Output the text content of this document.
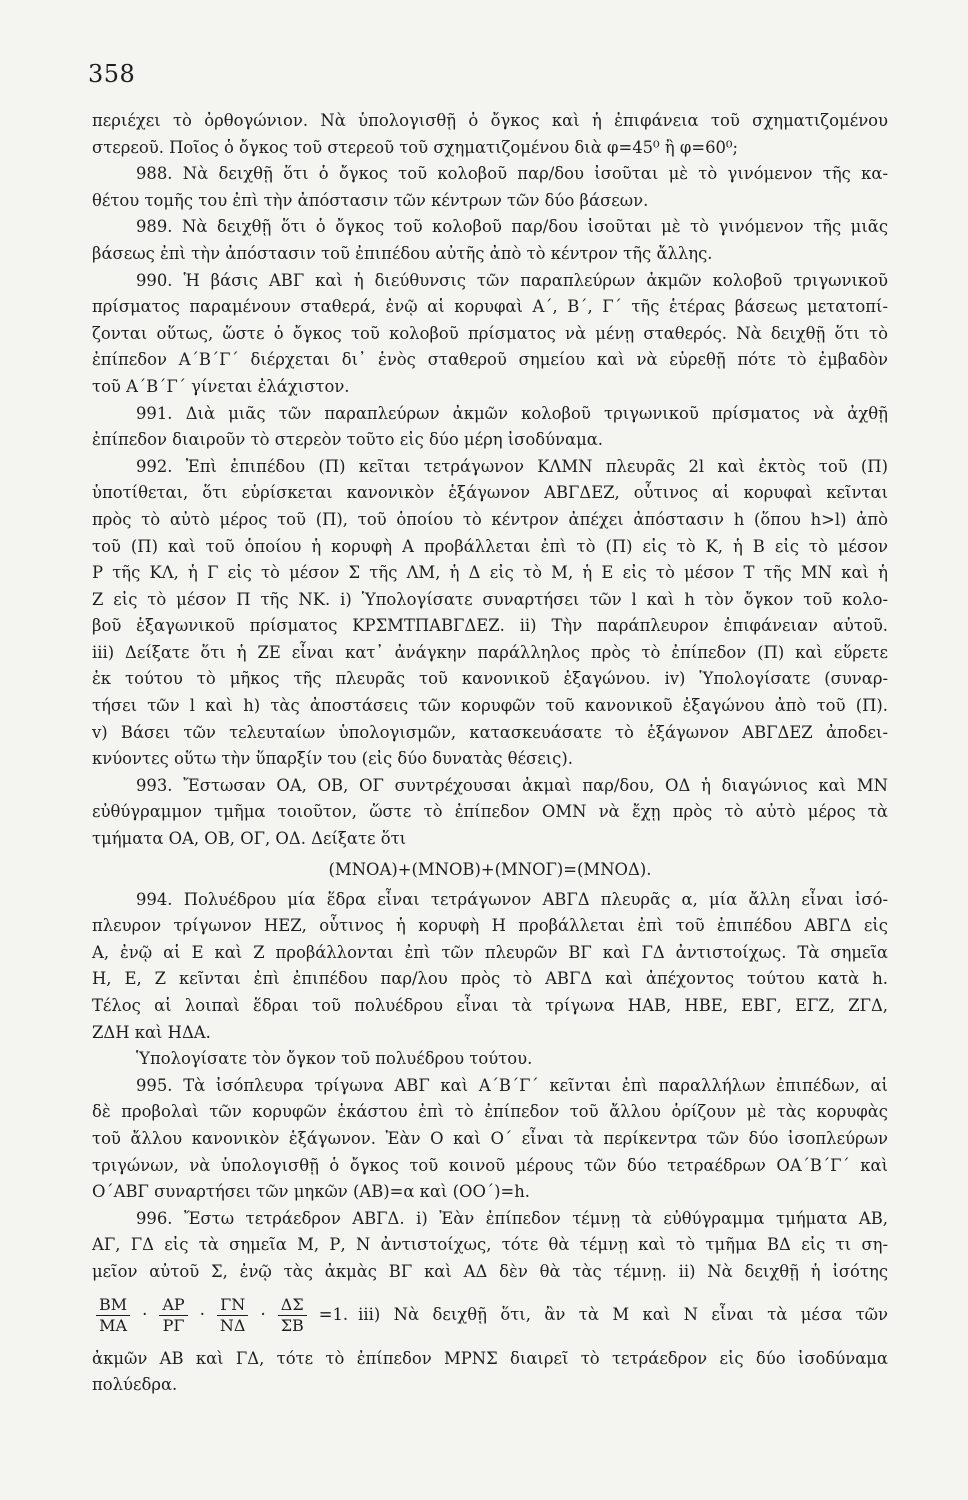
358
περιέχει τὸ ὀρθογώνιον. Νὰ ὑπολογισθῇ ὁ ὄγκος καὶ ἡ ἐπιφάνεια τοῦ σχηματιζομένου
στερεοῦ. Ποῖος ὁ ὄγκος τοῦ στερεοῦ τοῦ σχηματιζομένου διὰ φ=45⁰ ἢ φ=60⁰;
988. Νὰ δειχθῇ ὅτι ὁ ὄγκος τοῦ κολοβοῦ παρ/δου ἰσοῦται μὲ τὸ γινόμενον τῆς κα-
θέτου τομῆς του ἐπὶ τὴν ἀπόστασιν τῶν κέντρων τῶν δύο βάσεων.
989. Νὰ δειχθῇ ὅτι ὁ ὄγκος τοῦ κολοβοῦ παρ/δου ἰσοῦται μὲ τὸ γινόμενον τῆς μιᾶς
βάσεως ἐπὶ τὴν ἀπόστασιν τοῦ ἐπιπέδου αὐτῆς ἀπὸ τὸ κέντρον τῆς ἄλλης.
990. Ἡ βάσις ΑΒΓ καὶ ἡ διεύθυνσις τῶν παραπλεύρων ἀκμῶν κολοβοῦ τριγωνικοῦ
πρίσματος παραμένουν σταθερά, ἐνῷ αἱ κορυφαὶ Α΄, Β΄, Γ΄ τῆς ἑτέρας βάσεως μετατοπί-
ζονται οὕτως, ὥστε ὁ ὄγκος τοῦ κολοβοῦ πρίσματος νὰ μένῃ σταθερός. Νὰ δειχθῇ ὅτι τὸ
ἐπίπεδον Α΄Β΄Γ΄ διέρχεται δι᾿ ἑνὸς σταθεροῦ σημείου καὶ νὰ εὑρεθῇ πότε τὸ ἐμβαδὸν
τοῦ Α΄Β΄Γ΄ γίνεται ἐλάχιστον.
991. Διὰ μιᾶς τῶν παραπλεύρων ἀκμῶν κολοβοῦ τριγωνικοῦ πρίσματος νὰ ἀχθῇ
ἐπίπεδον διαιροῦν τὸ στερεὸν τοῦτο εἰς δύο μέρη ἰσοδύναμα.
992. Ἐπὶ ἐπιπέδου (Π) κεῖται τετράγωνον ΚΛΜΝ πλευρᾶς 2l καὶ ἐκτὸς τοῦ (Π)
ὑποτίθεται, ὅτι εὑρίσκεται κανονικὸν ἑξάγωνον ΑΒΓΔΕΖ, οὗτινος αἱ κορυφαὶ κεῖνται
πρὸς τὸ αὐτὸ μέρος τοῦ (Π), τοῦ ὁποίου τὸ κέντρον ἀπέχει ἀπόστασιν h (ὅπου h>l) ἀπὸ
τοῦ (Π) καὶ τοῦ ὁποίου ἡ κορυφὴ Α προβάλλεται ἐπὶ τὸ (Π) εἰς τὸ Κ, ἡ Β εἰς τὸ μέσον
Ρ τῆς ΚΛ, ἡ Γ εἰς τὸ μέσον Σ τῆς ΛΜ, ἡ Δ εἰς τὸ Μ, ἡ Ε εἰς τὸ μέσον Τ τῆς ΜΝ καὶ ἡ
Ζ εἰς τὸ μέσον Π τῆς ΝΚ. i) Ὑπολογίσατε συναρτήσει τῶν l καὶ h τὸν ὄγκον τοῦ κολο-
βοῦ ἑξαγωνικοῦ πρίσματος ΚΡΣΜΤΠΑΒΓΔΕΖ. ii) Τὴν παράπλευρον ἐπιφάνειαν αὐτοῦ.
iii) Δείξατε ὅτι ἡ ΖΕ εἶναι κατ᾿ ἀνάγκην παράλληλος πρὸς τὸ ἐπίπεδον (Π) καὶ εὕρετε
ἐκ τούτου τὸ μῆκος τῆς πλευρᾶς τοῦ κανονικοῦ ἑξαγώνου. iv) Ὑπολογίσατε (συναρ-
τήσει τῶν l καὶ h) τὰς ἀποστάσεις τῶν κορυφῶν τοῦ κανονικοῦ ἑξαγώνου ἀπὸ τοῦ (Π).
v) Βάσει τῶν τελευταίων ὑπολογισμῶν, κατασκευάσατε τὸ ἑξάγωνον ΑΒΓΔΕΖ ἀποδει-
κνύοντες οὕτω τὴν ὕπαρξίν του (εἰς δύο δυνατὰς θέσεις).
993. Ἔστωσαν ΟΑ, ΟΒ, ΟΓ συντρέχουσαι ἀκμαὶ παρ/δου, ΟΔ ἡ διαγώνιος καὶ ΜΝ
εὐθύγραμμον τμῆμα τοιοῦτον, ὥστε τὸ ἐπίπεδον ΟΜΝ νὰ ἔχῃ πρὸς τὸ αὐτὸ μέρος τὰ
τμήματα ΟΑ, ΟΒ, ΟΓ, ΟΔ. Δείξατε ὅτι
(ΜΝΟΑ)+(ΜΝΟΒ)+(ΜΝΟΓ)=(ΜΝΟΔ).
994. Πολυέδρου μία ἕδρα εἶναι τετράγωνον ΑΒΓΔ πλευρᾶς α, μία ἄλλη εἶναι ἰσό-
πλευρον τρίγωνον ΗΕΖ, οὗτινος ἡ κορυφὴ Η προβάλλεται ἐπὶ τοῦ ἐπιπέδου ΑΒΓΔ εἰς
Α, ἐνῷ αἱ Ε καὶ Ζ προβάλλονται ἐπὶ τῶν πλευρῶν ΒΓ καὶ ΓΔ ἀντιστοίχως. Τὰ σημεῖα
Η, Ε, Ζ κεῖνται ἐπὶ ἐπιπέδου παρ/λου πρὸς τὸ ΑΒΓΔ καὶ ἀπέχοντος τούτου κατὰ h.
Τέλος αἱ λοιπαὶ ἕδραι τοῦ πολυέδρου εἶναι τὰ τρίγωνα ΗΑΒ, ΗΒΕ, ΕΒΓ, ΕΓΖ, ΖΓΔ,
ΖΔΗ καὶ ΗΔΑ.
Ὑπολογίσατε τὸν ὄγκον τοῦ πολυέδρου τούτου.
995. Τὰ ἰσόπλευρα τρίγωνα ΑΒΓ καὶ Α΄Β΄Γ΄ κεῖνται ἐπὶ παραλλήλων ἐπιπέδων, αἱ
δὲ προβολαὶ τῶν κορυφῶν ἑκάστου ἐπὶ τὸ ἐπίπεδον τοῦ ἄλλου ὁρίζουν μὲ τὰς κορυφὰς
τοῦ ἄλλου κανονικὸν ἑξάγωνον. Ἐὰν Ο καὶ Ο΄ εἶναι τὰ περίκεντρα τῶν δύο ἰσοπλεύρων
τριγώνων, νὰ ὑπολογισθῇ ὁ ὄγκος τοῦ κοινοῦ μέρους τῶν δύο τετραέδρων ΟΑ΄Β΄Γ΄ καὶ
Ο΄ΑΒΓ συναρτήσει τῶν μηκῶν (ΑΒ)=α καὶ (ΟΟ΄)=h.
996. Ἔστω τετράεδρον ΑΒΓΔ. i) Ἐὰν ἐπίπεδον τέμνῃ τὰ εὐθύγραμμα τμήματα ΑΒ,
ΑΓ, ΓΔ εἰς τὰ σημεῖα Μ, Ρ, Ν ἀντιστοίχως, τότε θὰ τέμνῃ καὶ τὸ τμῆμα ΒΔ εἰς τι ση-
μεῖον αὐτοῦ Σ, ἐνῷ τὰς ἀκμὰς ΒΓ καὶ ΑΔ δὲν θὰ τὰς τέμνῃ. ii) Νὰ δειχθῇ ἡ ἰσότης
$\frac{BM}{MA} \cdot \frac{AP}{P\Gamma} \cdot \frac{\Gamma N}{N\Delta} \cdot \frac{\Delta\Sigma}{\Sigma B} =1$. iii) Νὰ δειχθῇ ὅτι, ἂν τὰ Μ καὶ Ν εἶναι τὰ μέσα τῶν
ἀκμῶν ΑΒ καὶ ΓΔ, τότε τὸ ἐπίπεδον ΜΡΝΣ διαιρεῖ τὸ τετράεδρον εἰς δύο ἰσοδύναμα
πολύεδρα.
